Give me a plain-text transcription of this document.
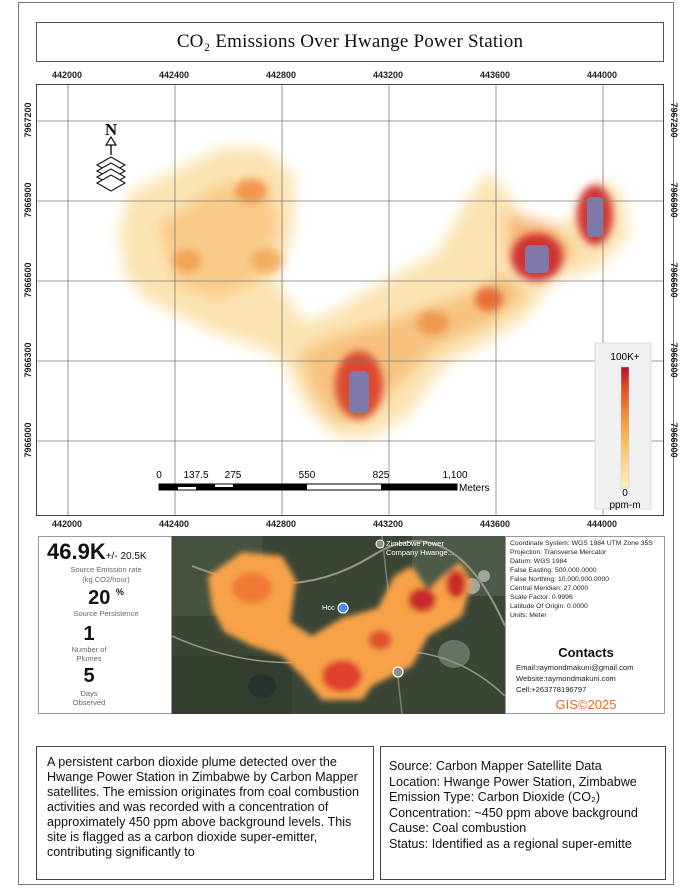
CO₂ Emissions Over Hwange Power Station
N
0 137.5 275	550	825	1,100
Meters
100K+
0
ppm-m
46.9K+/- 20.5K
Source Emission rate
(kg CO2/hour)
20 %
Source Persistence
1
Number of
Plumes
5
Days
Observed
Zimbabwe Power
Company Hwange...
Hcc
Coordinate System: WGS 1984 UTM Zone 35S
Projection: Transverse Mercator
Datum: WGS 1984
False Easting: 500,000.0000
False Northing: 10,000,000.0000
Central Meridian: 27.0000
Scale Factor: 0.9996
Latitude Of Origin: 0.0000
Units: Meter
Contacts
Email:raymondmakuni@gmail.com
Website:raymondmakuni.com
Cell:+263778196797
GIS©2025
A persistent carbon dioxide plume detected over the Hwange Power Station in Zimbabwe by Carbon Mapper satellites. The emission originates from coal combustion activities and was recorded with a concentration of approximately 450 ppm above background levels. This site is flagged as a carbon dioxide super-emitter, contributing significantly to
Source: Carbon Mapper Satellite Data
Location: Hwange Power Station, Zimbabwe
Emission Type: Carbon Dioxide (CO₂)
Concentration: ~450 ppm above background
Cause: Coal combustion
Status: Identified as a regional super-emitte
442000
442000
442400
442400
442800
442800
443200
443200
443600
443600
444000
444000
7967200	7967200
7966900	7966900
7966600	7966600
7966300	7966300
7966000	7966000
